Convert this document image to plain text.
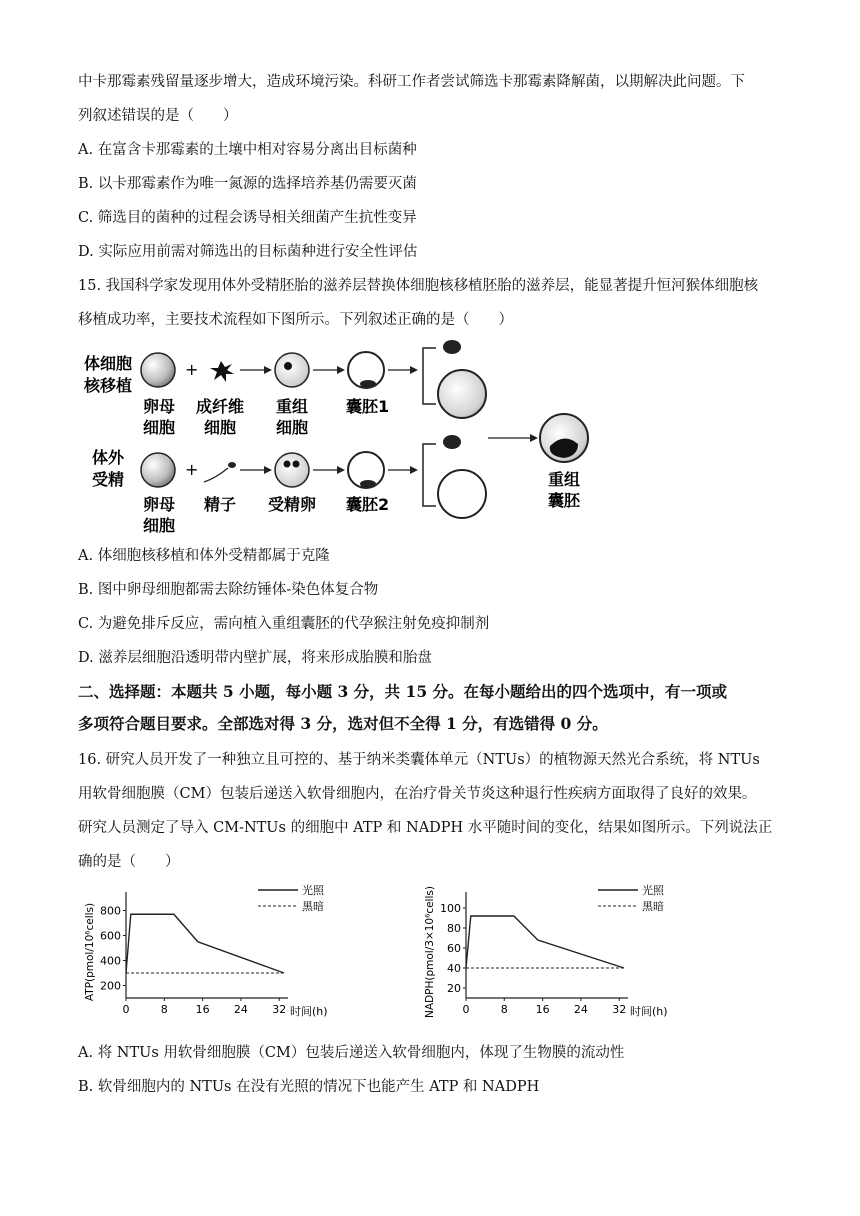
中卡那霉素残留量逐步增大，造成环境污染。科研工作者尝试筛选卡那霉素降解菌，以期解决此问题。下
列叙述错误的是（　　）
A. 在富含卡那霉素的土壤中相对容易分离出目标菌种
B. 以卡那霉素作为唯一氮源的选择培养基仍需要灭菌
C. 筛选目的菌种的过程会诱导相关细菌产生抗性变异
D. 实际应用前需对筛选出的目标菌种进行安全性评估
15. 我国科学家发现用体外受精胚胎的滋养层替换体细胞核移植胚胎的滋养层，能显著提升恒河猴体细胞核
移植成功率，主要技术流程如下图所示。下列叙述正确的是（　　）
体细胞
核移植
+
卵母
细胞
成纤维
细胞
重组
细胞
囊胚1
重组
囊胚
体外
受精
+
卵母
细胞
精子 受精卵 囊胚2
A. 体细胞核移植和体外受精都属于克隆
B. 图中卵母细胞都需去除纺锤体-染色体复合物
C. 为避免排斥反应，需向植入重组囊胚的代孕猴注射免疫抑制剂
D. 滋养层细胞沿透明带内壁扩展，将来形成胎膜和胎盘
二、选择题：本题共 5 小题，每小题 3 分，共 15 分。在每小题给出的四个选项中，有一项或
多项符合题目要求。全部选对得 3 分，选对但不全得 1 分，有选错得 0 分。
16. 研究人员开发了一种独立且可控的、基于纳米类囊体单元（NTUs）的植物源天然光合系统，将 NTUs
用软骨细胞膜（CM）包装后递送入软骨细胞内，在治疗骨关节炎这种退行性疾病方面取得了良好的效果。
研究人员测定了导入 CM-NTUs 的细胞中 ATP 和 NADPH 水平随时间的变化，结果如图所示。下列说法正
确的是（　　）
200
400
600
800
0	8	16 24 32 时间(h)
ATP(pmol/10⁶cells)
光照
黑暗
20
40
60
80
100
0	8	16 24 32 时间(h)
NADPH(pmol/3×10⁶cells)	光照
黑暗
A. 将 NTUs 用软骨细胞膜（CM）包装后递送入软骨细胞内，体现了生物膜的流动性
B. 软骨细胞内的 NTUs 在没有光照的情况下也能产生 ATP 和 NADPH
